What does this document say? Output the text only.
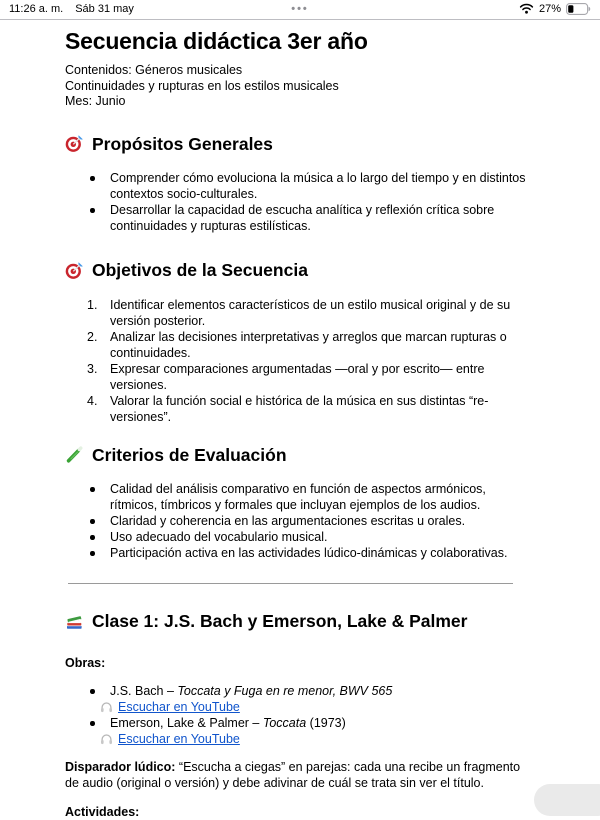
11:26 a. m. Sáb 31 may	•••	27%
Secuencia didáctica 3er año
Contenidos: Géneros musicales
Continuidades y rupturas en los estilos musicales
Mes: Junio
Propósitos Generales
Comprender cómo evoluciona la música a lo largo del tiempo y en distintos contextos socio-culturales.
Desarrollar la capacidad de escucha analítica y reflexión crítica sobre continuidades y rupturas estilísticas.
Objetivos de la Secuencia
1. Identificar elementos característicos de un estilo musical original y de su versión posterior.
2. Analizar las decisiones interpretativas y arreglos que marcan rupturas o continuidades.
3. Expresar comparaciones argumentadas —oral y por escrito— entre versiones.
4. Valorar la función social e histórica de la música en sus distintas “re-versiones”.
Criterios de Evaluación
Calidad del análisis comparativo en función de aspectos armónicos, rítmicos, tímbricos y formales que incluyan ejemplos de los audios.
Claridad y coherencia en las argumentaciones escritas u orales.
Uso adecuado del vocabulario musical.
Participación activa en las actividades lúdico-dinámicas y colaborativas.
Clase 1: J.S. Bach y Emerson, Lake & Palmer
Obras:
J.S. Bach – Toccata y Fuga en re menor, BWV 565
Escuchar en YouTube
Emerson, Lake & Palmer – Toccata (1973)
Escuchar en YouTube

Disparador lúdico: “Escucha a ciegas” en parejas: cada una recibe un fragmento de audio (original o versión) y debe adivinar de cuál se trata sin ver el título.

Actividades:
